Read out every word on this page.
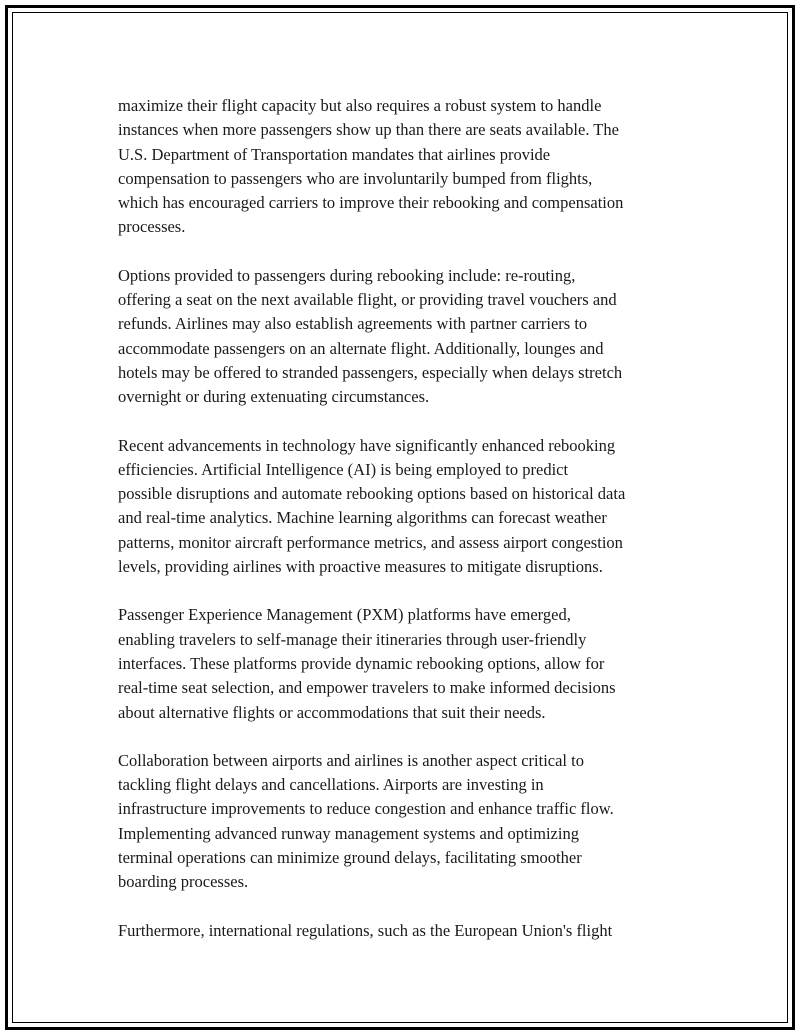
maximize their flight capacity but also requires a robust system to handle
instances when more passengers show up than there are seats available. The
U.S. Department of Transportation mandates that airlines provide
compensation to passengers who are involuntarily bumped from flights,
which has encouraged carriers to improve their rebooking and compensation
processes.

Options provided to passengers during rebooking include: re-routing,
offering a seat on the next available flight, or providing travel vouchers and
refunds. Airlines may also establish agreements with partner carriers to
accommodate passengers on an alternate flight. Additionally, lounges and
hotels may be offered to stranded passengers, especially when delays stretch
overnight or during extenuating circumstances.

Recent advancements in technology have significantly enhanced rebooking
efficiencies. Artificial Intelligence (AI) is being employed to predict
possible disruptions and automate rebooking options based on historical data
and real-time analytics. Machine learning algorithms can forecast weather
patterns, monitor aircraft performance metrics, and assess airport congestion
levels, providing airlines with proactive measures to mitigate disruptions.

Passenger Experience Management (PXM) platforms have emerged,
enabling travelers to self-manage their itineraries through user-friendly
interfaces. These platforms provide dynamic rebooking options, allow for
real-time seat selection, and empower travelers to make informed decisions
about alternative flights or accommodations that suit their needs.

Collaboration between airports and airlines is another aspect critical to
tackling flight delays and cancellations. Airports are investing in
infrastructure improvements to reduce congestion and enhance traffic flow.
Implementing advanced runway management systems and optimizing
terminal operations can minimize ground delays, facilitating smoother
boarding processes.

Furthermore, international regulations, such as the European Union's flight
